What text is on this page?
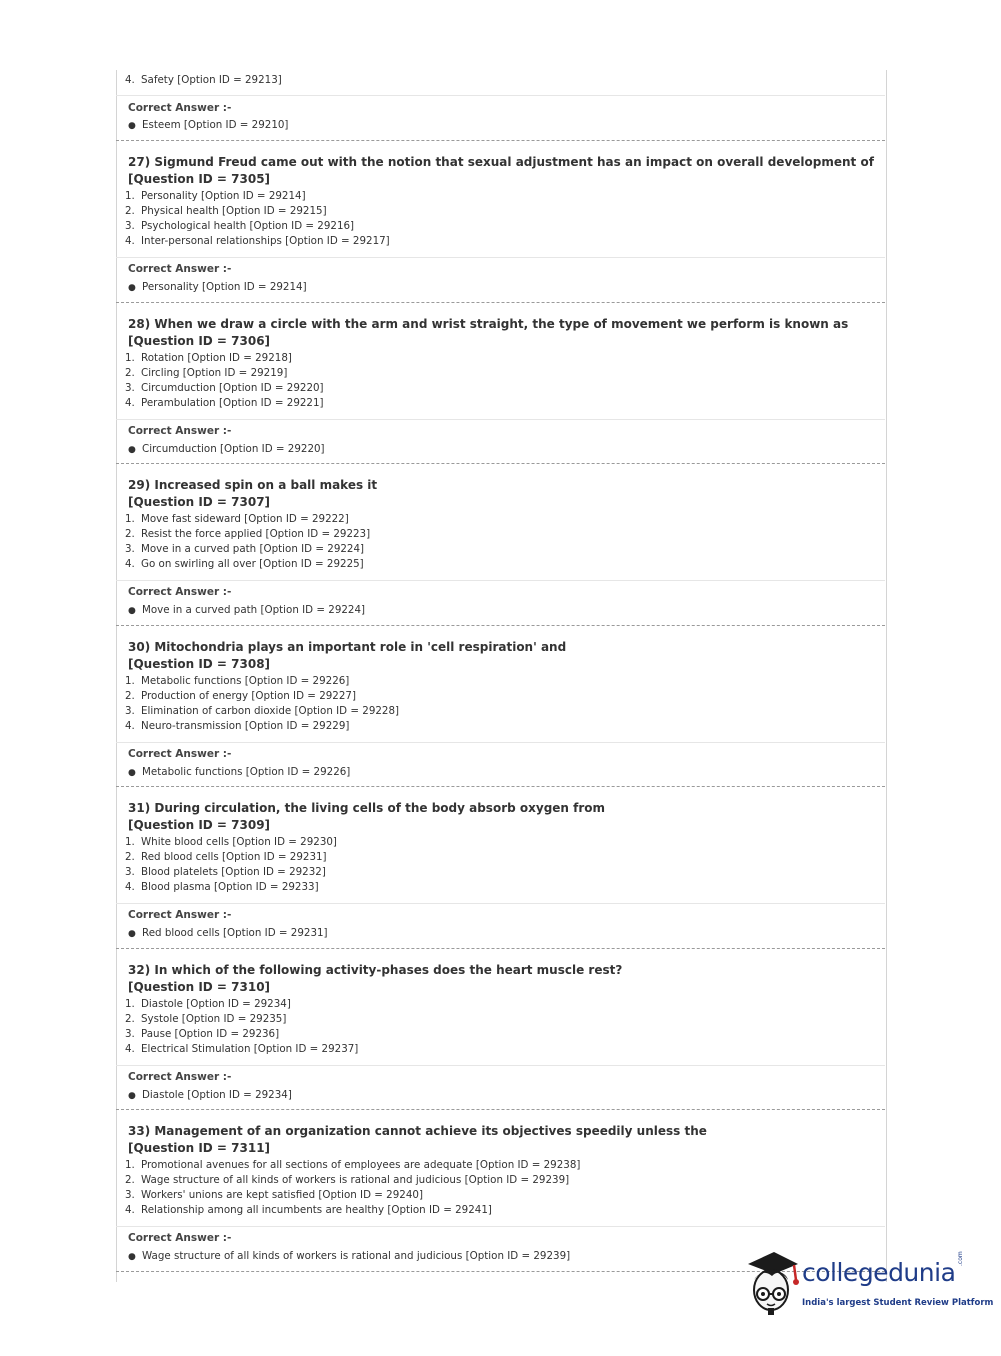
4. Safety [Option ID = 29213]
Correct Answer :-
● Esteem [Option ID = 29210]
27) Sigmund Freud came out with the notion that sexual adjustment has an impact on overall development of
[Question ID = 7305]
1. Personality [Option ID = 29214]
2. Physical health [Option ID = 29215]
3. Psychological health [Option ID = 29216]
4. Inter-personal relationships [Option ID = 29217]
Correct Answer :-
● Personality [Option ID = 29214]
28) When we draw a circle with the arm and wrist straight, the type of movement we perform is known as
[Question ID = 7306]
1. Rotation [Option ID = 29218]
2. Circling [Option ID = 29219]
3. Circumduction [Option ID = 29220]
4. Perambulation [Option ID = 29221]
Correct Answer :-
● Circumduction [Option ID = 29220]
29) Increased spin on a ball makes it
[Question ID = 7307]
1. Move fast sideward [Option ID = 29222]
2. Resist the force applied [Option ID = 29223]
3. Move in a curved path [Option ID = 29224]
4. Go on swirling all over [Option ID = 29225]
Correct Answer :-
● Move in a curved path [Option ID = 29224]
30) Mitochondria plays an important role in 'cell respiration' and
[Question ID = 7308]
1. Metabolic functions [Option ID = 29226]
2. Production of energy [Option ID = 29227]
3. Elimination of carbon dioxide [Option ID = 29228]
4. Neuro-transmission [Option ID = 29229]
Correct Answer :-
● Metabolic functions [Option ID = 29226]
31) During circulation, the living cells of the body absorb oxygen from
[Question ID = 7309]
1. White blood cells [Option ID = 29230]
2. Red blood cells [Option ID = 29231]
3. Blood platelets [Option ID = 29232]
4. Blood plasma [Option ID = 29233]
Correct Answer :-
● Red blood cells [Option ID = 29231]
32) In which of the following activity-phases does the heart muscle rest?
[Question ID = 7310]
1. Diastole [Option ID = 29234]
2. Systole [Option ID = 29235]
3. Pause [Option ID = 29236]
4. Electrical Stimulation [Option ID = 29237]
Correct Answer :-
● Diastole [Option ID = 29234]
33) Management of an organization cannot achieve its objectives speedily unless the
[Question ID = 7311]
1. Promotional avenues for all sections of employees are adequate [Option ID = 29238]
2. Wage structure of all kinds of workers is rational and judicious [Option ID = 29239]
3. Workers' unions are kept satisfied [Option ID = 29240]
4. Relationship among all incumbents are healthy [Option ID = 29241]
Correct Answer :-
● Wage structure of all kinds of workers is rational and judicious [Option ID = 29239]
collegedunia .com
India's largest Student Review Platform
